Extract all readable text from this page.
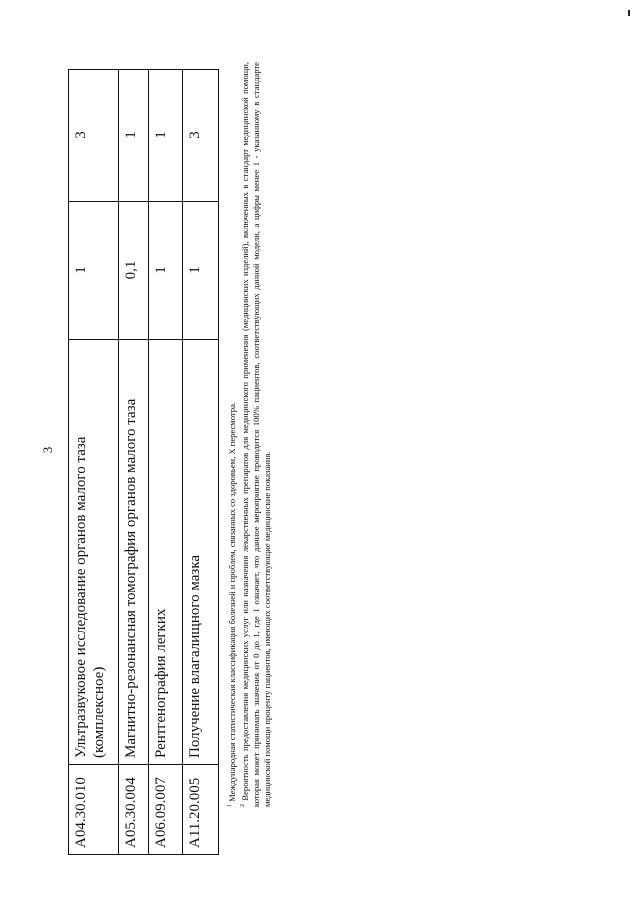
3
A04.30.010	Ультразвуковое исследование органов малого таза (комплексное)	1	3
A05.30.004	Магнитно-резонансная томография органов малого таза	0,1	1
A06.09.007	Рентгенография легких	1	1
A11.20.005	Получение влагалищного мазка	1	3

$^1$ Международная статистическая классификация болезней и проблем, связанных со здоровьем, X пересмотра.

$^2$ Вероятность предоставления медицинских услуг или назначения лекарственных препаратов для медицинского применения (медицинских изделий), включенных в стандарт медицинской помощи, которая может принимать значения от 0 до 1, где 1 означает, что данное мероприятие проводится 100% пациентов, соответствующих данной модели, а цифры менее 1 - указанному в стандарте медицинской помощи проценту пациентов, имеющих соответствующие медицинские показания.
